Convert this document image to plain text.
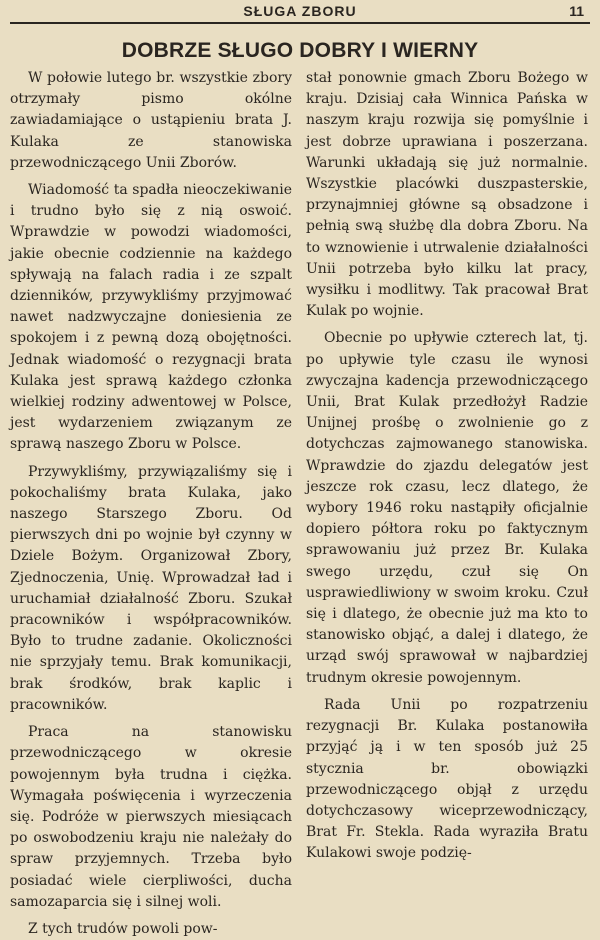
SŁUGA ZBORU	11
DOBRZE SŁUGO DOBRY I WIERNY

W połowie lutego br. wszystkie zbory otrzymały pismo okólne zawiadamiające o ustąpieniu brata J. Kulaka ze stanowiska przewodniczącego Unii Zborów.

Wiadomość ta spadła nieoczekiwanie i trudno było się z nią oswoić. Wprawdzie w powodzi wiadomości, jakie obecnie codziennie na każdego spływają na falach radia i ze szpalt dzienników, przywykliśmy przyjmować nawet nadzwyczajne doniesienia ze spokojem i z pewną dozą obojętności. Jednak wiadomość o rezygnacji brata Kulaka jest sprawą każdego członka wielkiej rodziny adwentowej w Polsce, jest wydarzeniem związanym ze sprawą naszego Zboru w Polsce.

Przywykliśmy, przywiązaliśmy się i pokochaliśmy brata Kulaka, jako naszego Starszego Zboru. Od pierwszych dni po wojnie był czynny w Dziele Bożym. Organizował Zbory, Zjednoczenia, Unię. Wprowadzał ład i uruchamiał działalność Zboru. Szukał pracowników i współpracowników. Było to trudne zadanie. Okoliczności nie sprzyjały temu. Brak komunikacji, brak środków, brak kaplic i pracowników.

Praca na stanowisku przewodniczącego w okresie powojennym była trudna i ciężka. Wymagała poświęcenia i wyrzeczenia się. Podróże w pierwszych miesiącach po oswobodzeniu kraju nie należały do spraw przyjemnych. Trzeba było posiadać wiele cierpliwości, ducha samozaparcia się i silnej woli.

Z tych trudów powoli pow-

stał ponownie gmach Zboru Bożego w kraju. Dzisiaj cała Winnica Pańska w naszym kraju rozwija się pomyślnie i jest dobrze uprawiana i poszerzana. Warunki układają się już normalnie. Wszystkie placówki duszpasterskie, przynajmniej główne są obsadzone i pełnią swą służbę dla dobra Zboru. Na to wznowienie i utrwalenie działalności Unii potrzeba było kilku lat pracy, wysiłku i modlitwy. Tak pracował Brat Kulak po wojnie.

Obecnie po upływie czterech lat, tj. po upływie tyle czasu ile wynosi zwyczajna kadencja przewodniczącego Unii, Brat Kulak przedłożył Radzie Unijnej prośbę o zwolnienie go z dotychczas zajmowanego stanowiska. Wprawdzie do zjazdu delegatów jest jeszcze rok czasu, lecz dlatego, że wybory 1946 roku nastąpiły oficjalnie dopiero półtora roku po faktycznym sprawowaniu już przez Br. Kulaka swego urzędu, czuł się On usprawiedliwiony w swoim kroku. Czuł się i dlatego, że obecnie już ma kto to stanowisko objąć, a dalej i dlatego, że urząd swój sprawował w najbardziej trudnym okresie powojennym.

Rada Unii po rozpatrzeniu rezygnacji Br. Kulaka postanowiła przyjąć ją i w ten sposób już 25 stycznia br. obowiązki przewodniczącego objął z urzędu dotychczasowy wiceprzewodniczący, Brat Fr. Stekla. Rada wyraziła Bratu Kulakowi swoje podzię-
